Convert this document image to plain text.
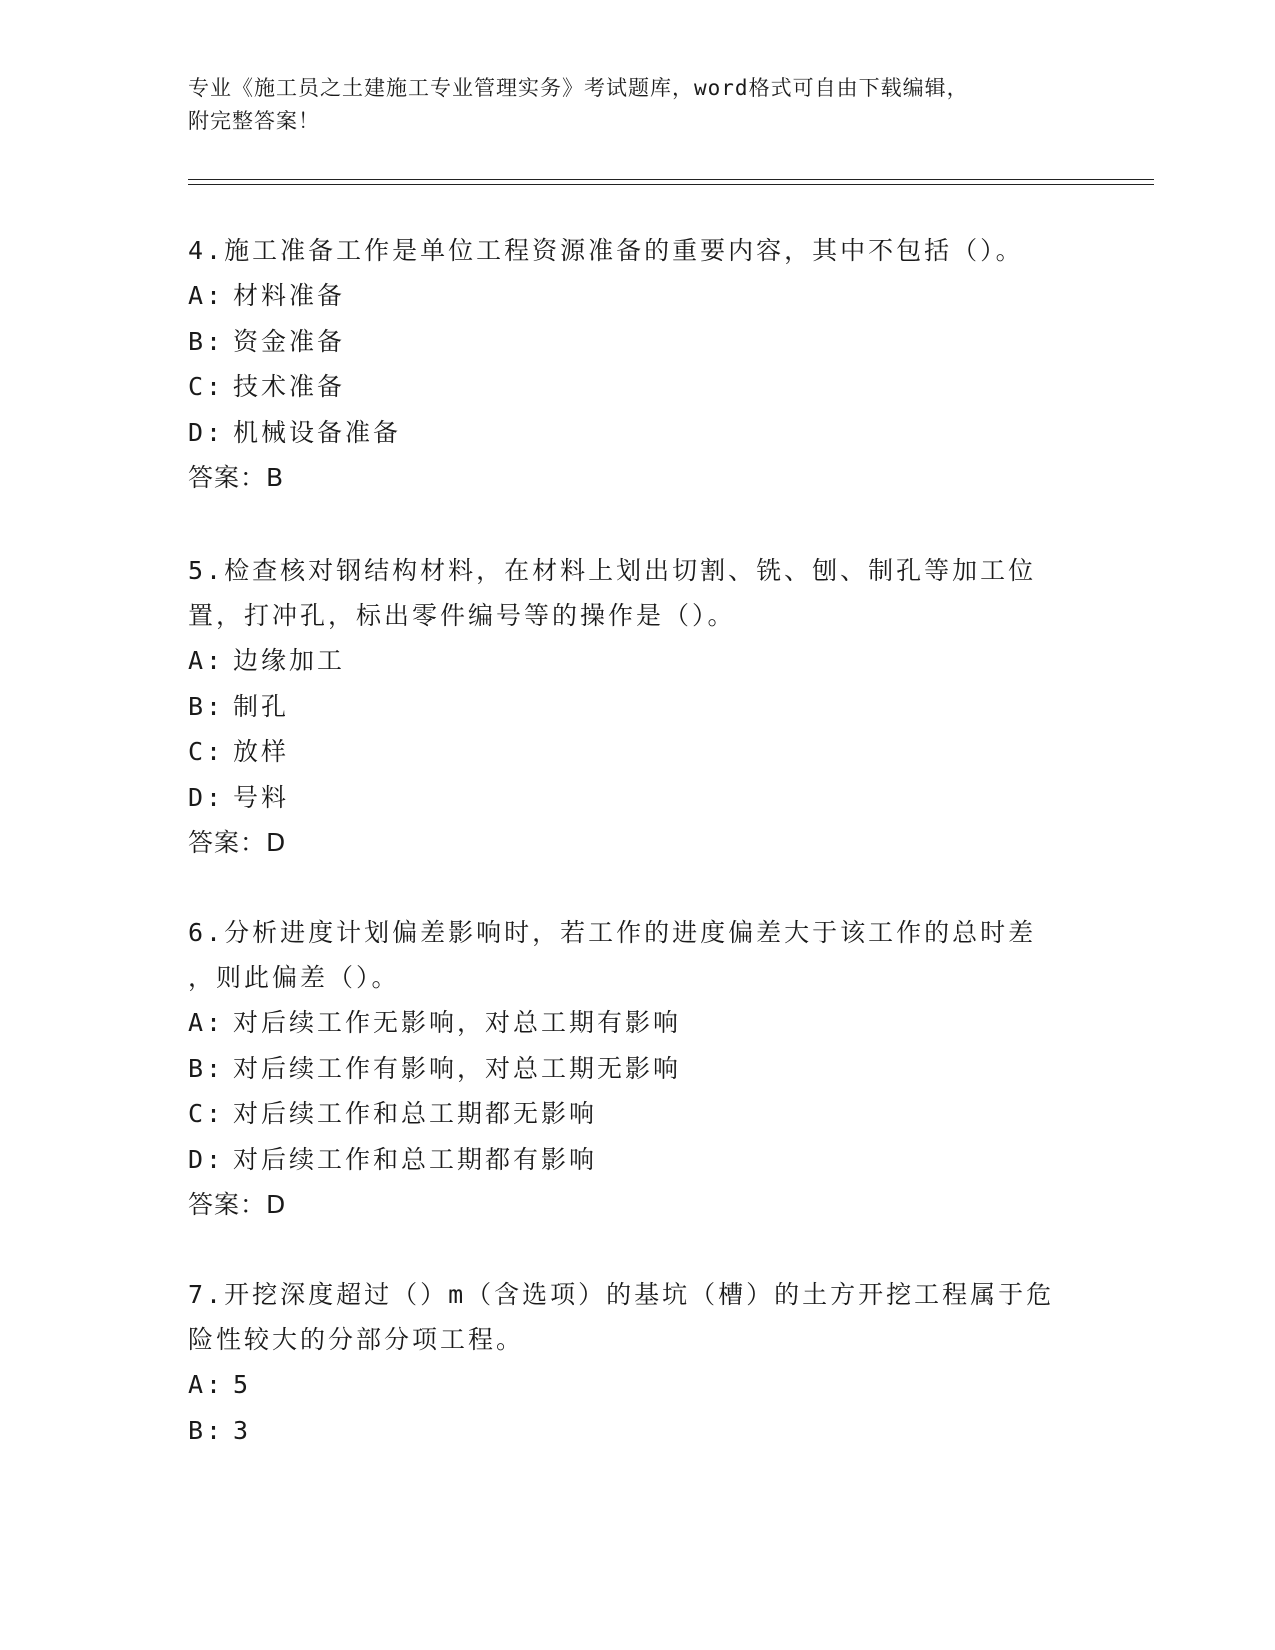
专业《施工员之土建施工专业管理实务》考试题库，word格式可自由下载编辑，
附完整答案！

4.施工准备工作是单位工程资源准备的重要内容，其中不包括（）。

A: 材料准备

B: 资金准备

C: 技术准备

D: 机械设备准备

答案：B

5.检查核对钢结构材料，在材料上划出切割、铣、刨、制孔等加工位

置，打冲孔，标出零件编号等的操作是（）。

A: 边缘加工

B: 制孔

C: 放样

D: 号料

答案：D

6.分析进度计划偏差影响时，若工作的进度偏差大于该工作的总时差

，则此偏差（）。

A: 对后续工作无影响，对总工期有影响

B: 对后续工作有影响，对总工期无影响

C: 对后续工作和总工期都无影响

D: 对后续工作和总工期都有影响

答案：D

7.开挖深度超过（）m（含选项）的基坑（槽）的土方开挖工程属于危

险性较大的分部分项工程。

A: 5

B: 3
